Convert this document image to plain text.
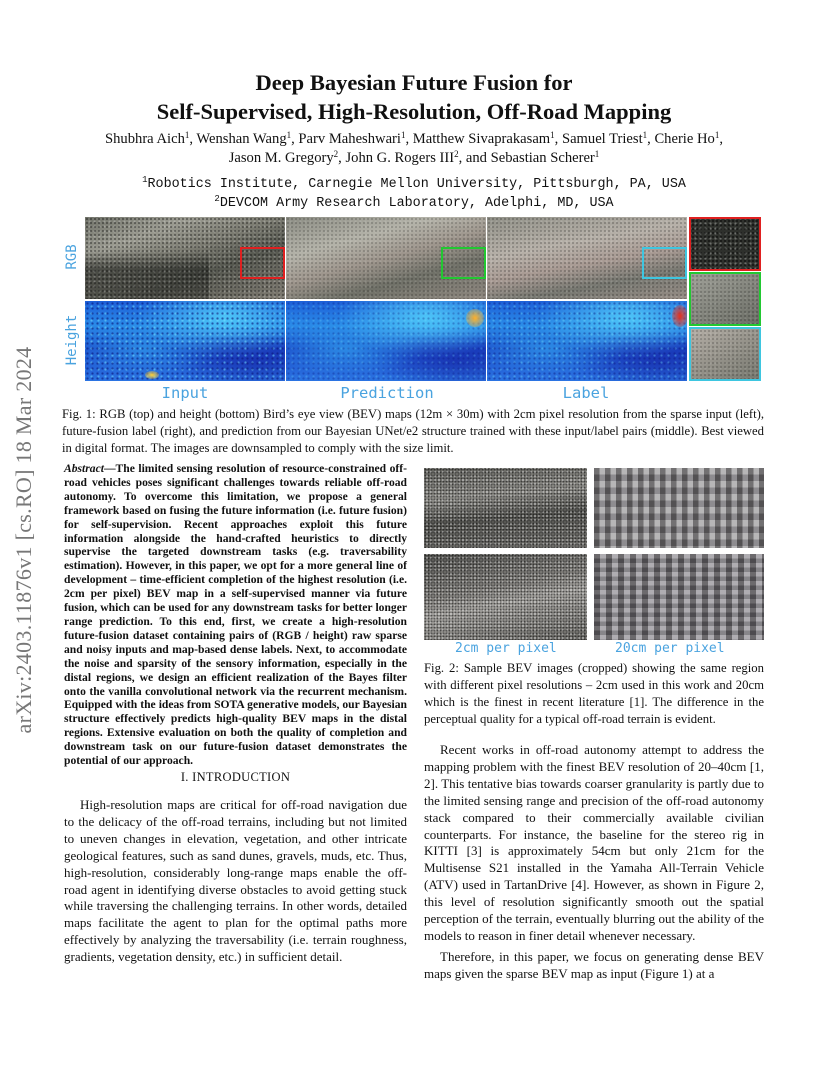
arXiv:2403.11876v1 [cs.RO] 18 Mar 2024
Deep Bayesian Future Fusion for
Self-Supervised, High-Resolution, Off-Road Mapping
Shubhra Aich$^1$, Wenshan Wang$^1$, Parv Maheshwari$^1$, Matthew Sivaprakasam$^1$, Samuel Triest$^1$, Cherie Ho$^1$,
Jason M. Gregory$^2$, John G. Rogers III$^2$, and Sebastian Scherer$^1$
$^1$Robotics Institute, Carnegie Mellon University, Pittsburgh, PA, USA
$^2$DEVCOM Army Research Laboratory, Adelphi, MD, USA
RGB
Height
Input	Prediction	Label
Fig. 1: RGB (top) and height (bottom) Bird’s eye view (BEV) maps (12m × 30m) with 2cm pixel resolution from the sparse input (left), future-fusion label (right), and prediction from our Bayesian UNet/e2 structure trained with these input/label pairs (middle). Best viewed in digital format. The images are downsampled to comply with the size limit.
Abstract—The limited sensing resolution of resource-constrained off-road vehicles poses significant challenges towards reliable off-road autonomy. To overcome this limitation, we propose a general framework based on fusing the future information (i.e. future fusion) for self-supervision. Recent approaches exploit this future information alongside the hand-crafted heuristics to directly supervise the targeted downstream tasks (e.g. traversability estimation). However, in this paper, we opt for a more general line of development – time-efficient completion of the highest resolution (i.e. 2cm per pixel) BEV map in a self-supervised manner via future fusion, which can be used for any downstream tasks for better longer range prediction. To this end, first, we create a high-resolution future-fusion dataset containing pairs of (RGB / height) raw sparse and noisy inputs and map-based dense labels. Next, to accommodate the noise and sparsity of the sensory information, especially in the distal regions, we design an efficient realization of the Bayes filter onto the vanilla convolutional network via the recurrent mechanism. Equipped with the ideas from SOTA generative models, our Bayesian structure effectively predicts high-quality BEV maps in the distal regions. Extensive evaluation on both the quality of completion and downstream task on our future-fusion dataset demonstrates the potential of our approach.
I. INTRODUCTION
High-resolution maps are critical for off-road navigation due to the delicacy of the off-road terrains, including but not limited to uneven changes in elevation, vegetation, and other intricate geological features, such as sand dunes, gravels, muds, etc. Thus, high-resolution, considerably long-range maps enable the off-road agent in identifying diverse obstacles to avoid getting stuck while traversing the challenging terrains. In other words, detailed maps facilitate the agent to plan for the optimal paths more effectively by analyzing the traversability (i.e. terrain roughness, gradients, vegetation density, etc.) in sufficient detail.
2cm per pixel	20cm per pixel
Fig. 2: Sample BEV images (cropped) showing the same region with different pixel resolutions – 2cm used in this work and 20cm which is the finest in recent literature [1]. The difference in the perceptual quality for a typical off-road terrain is evident.

Recent works in off-road autonomy attempt to address the mapping problem with the finest BEV resolution of 20–40cm [1, 2]. This tentative bias towards coarser granularity is partly due to the limited sensing range and precision of the off-road autonomy stack compared to their commercially available civilian counterparts. For instance, the baseline for the stereo rig in KITTI [3] is approximately 54cm but only 21cm for the Multisense S21 installed in the Yamaha All-Terrain Vehicle (ATV) used in TartanDrive [4]. However, as shown in Figure 2, this level of resolution significantly smooth out the spatial perception of the terrain, eventually blurring out the ability of the models to reason in finer detail whenever necessary.

Therefore, in this paper, we focus on generating dense BEV maps given the sparse BEV map as input (Figure 1) at a
